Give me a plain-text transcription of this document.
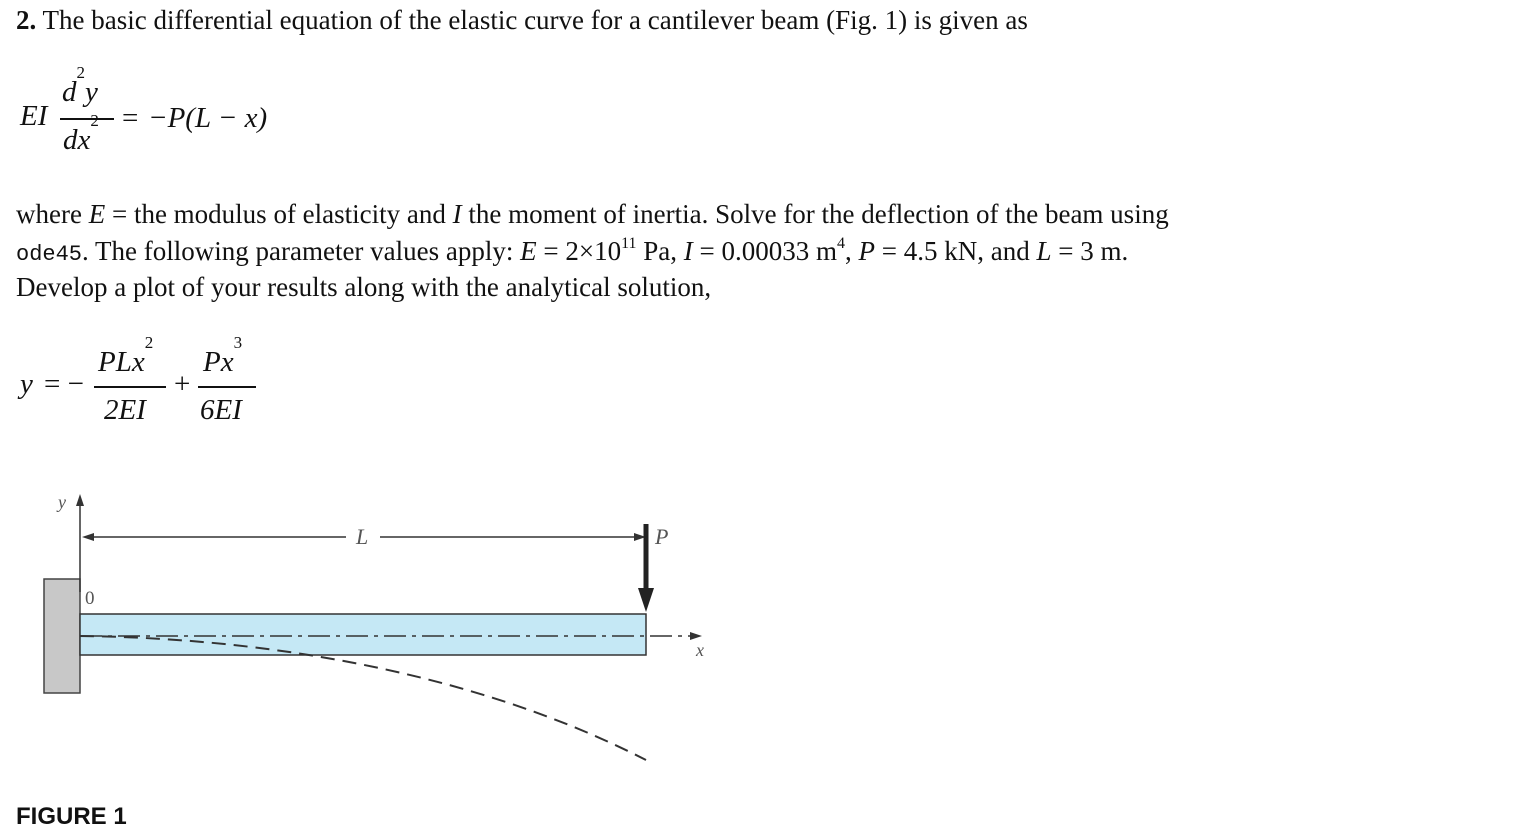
2. The basic differential equation of the elastic curve for a cantilever beam (Fig. 1) is given as
EI
$d^2y$
$dx^2 = -P(L - x)$
where E = the modulus of elasticity and I the moment of inertia. Solve for the deflection of the beam using
ode45. The following parameter values apply: $E = 2\times 10^{11}$ Pa, I = 0.00033 $m^4$, P = 4.5 kN, and L = 3 m.
Develop a plot of your results along with the analytical solution,
y = −
PLx$^2$
2EI
+
$Px^3$
6EI
y
L	P
0
x
FIGURE 1
